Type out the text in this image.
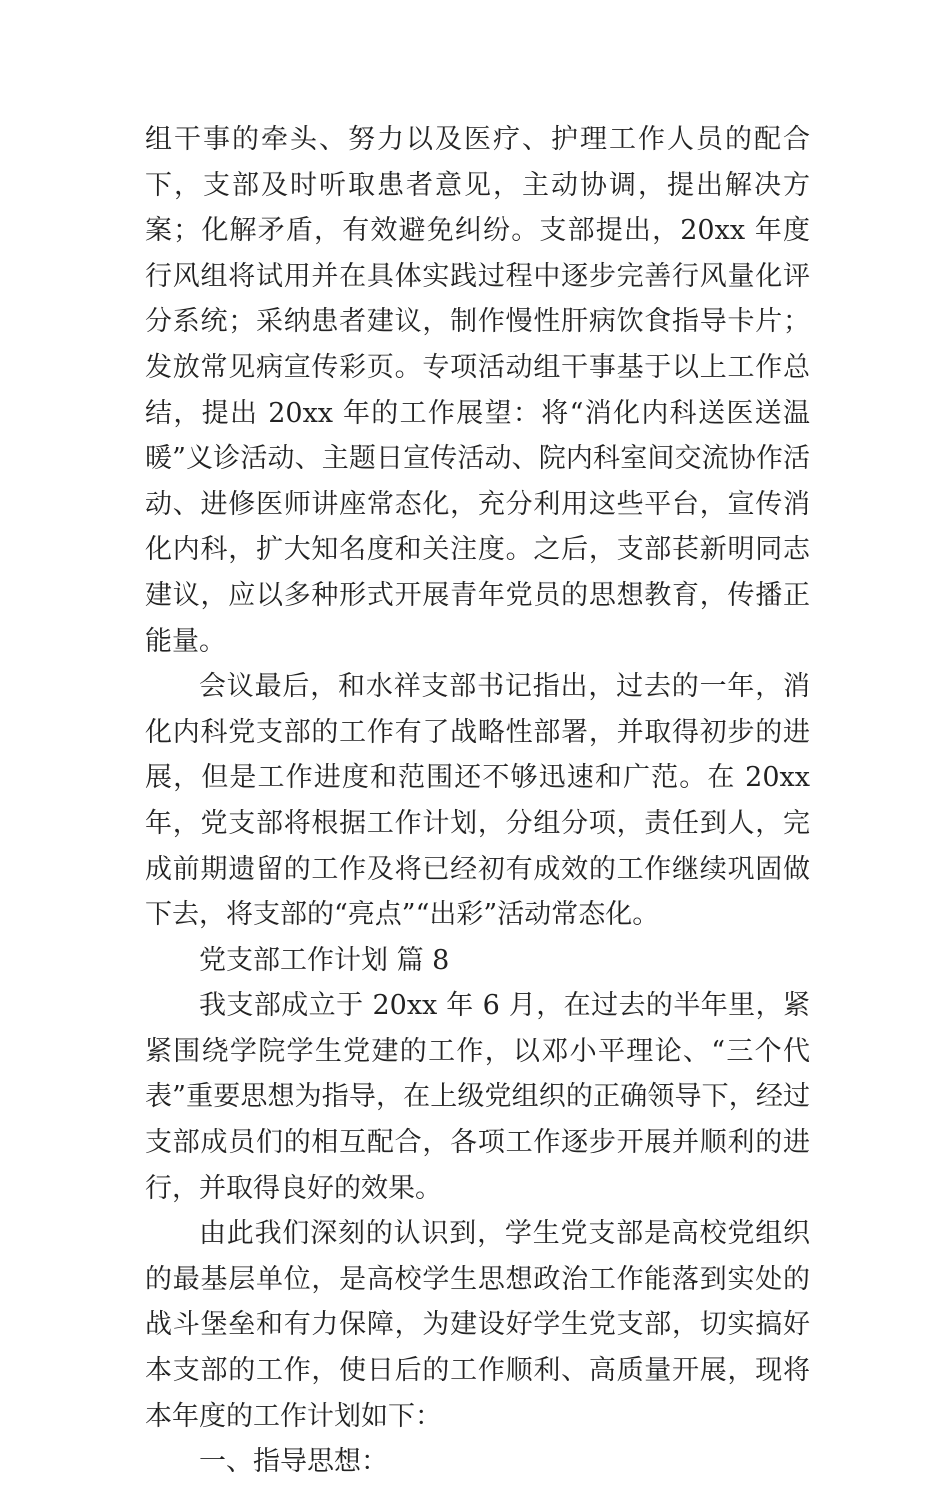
组干事的牵头、努力以及医疗、护理工作人员的配合下，支部及时听取患者意见，主动协调，提出解决方案；化解矛盾，有效避免纠纷。支部提出，20xx 年度行风组将试用并在具体实践过程中逐步完善行风量化评分系统；采纳患者建议，制作慢性肝病饮食指导卡片；发放常见病宣传彩页。专项活动组干事基于以上工作总结，提出 20xx 年的工作展望：将“消化内科送医送温暖”义诊活动、主题日宣传活动、院内科室间交流协作活动、进修医师讲座常态化，充分利用这些平台，宣传消化内科，扩大知名度和关注度。之后，支部苌新明同志建议，应以多种形式开展青年党员的思想教育，传播正能量。

会议最后，和水祥支部书记指出，过去的一年，消化内科党支部的工作有了战略性部署，并取得初步的进展，但是工作进度和范围还不够迅速和广范。在 20xx 年，党支部将根据工作计划，分组分项，责任到人，完成前期遗留的工作及将已经初有成效的工作继续巩固做下去，将支部的“亮点”“出彩”活动常态化。

党支部工作计划 篇 8

我支部成立于 20xx 年 6 月，在过去的半年里，紧紧围绕学院学生党建的工作，以邓小平理论、“三个代表”重要思想为指导，在上级党组织的正确领导下，经过支部成员们的相互配合，各项工作逐步开展并顺利的进行，并取得良好的效果。

由此我们深刻的认识到，学生党支部是高校党组织的最基层单位，是高校学生思想政治工作能落到实处的战斗堡垒和有力保障，为建设好学生党支部，切实搞好本支部的工作，使日后的工作顺利、高质量开展，现将本年度的工作计划如下：

一、指导思想：
